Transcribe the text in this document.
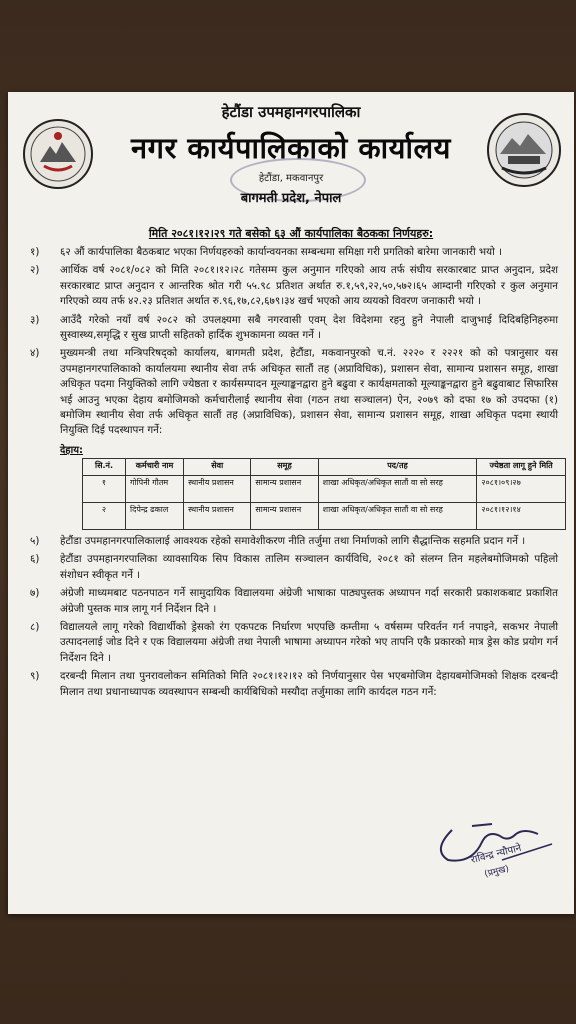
हेटौंडा उपमहानगरपालिका
नगर कार्यपालिकाको कार्यालय
हेटौंडा, मकवानपुर
बागमती प्रदेश, नेपाल
मिति २०८१।१२।२९ गते बसेको ६३ औं कार्यपालिका बैठकका निर्णयहरु:
१)	६२ औं कार्यपालिका बैठकबाट भएका निर्णयहरुको कार्यान्वयनका सम्बन्धमा समिक्षा गरी प्रगतिको बारेमा जानकारी भयो ।
२)	आर्थिक वर्ष २०८१/०८२ को मिति २०८१।१२।२८ गतेसम्म कुल अनुमान गरिएको आय तर्फ संघीय सरकारबाट प्राप्त अनुदान, प्रदेश सरकारबाट प्राप्त अनुदान र आन्तरिक श्रोत गरी ५५.९८ प्रतिशत अर्थात रु.१,५९,२२,५०,५७२।६५ आम्दानी गरिएको र कुल अनुमान गरिएको व्यय तर्फ ४२.२३ प्रतिशत अर्थात रु.९६,१७,८२,६७९।३४ खर्च भएको आय व्ययको विवरण जनाकारी भयो ।
३)	आउँदै गरेको नयाँ वर्ष २०८२ को उपलक्ष्यमा सबै नगरवासी एवम् देश विदेशमा रहनु हुने नेपाली दाजुभाई दिदिबहिनिहरुमा सुस्वास्थ्य,समृद्धि र सुख प्राप्ती सहितको हार्दिक शुभकामना व्यक्त गर्ने ।
४)	मुख्यमन्त्री तथा मन्त्रिपरिषद्को कार्यालय, बागमती प्रदेश, हेटौंडा, मकवानपुरको च.नं. २२२० र २२२१ को को पत्रानुसार यस उपमहानगरपालिकाको कार्यालयमा स्थानीय सेवा तर्फ अधिकृत सातौं तह (अप्राविधिक), प्रशासन सेवा, सामान्य प्रशासन समूह, शाखा अधिकृत पदमा नियुक्तिको लागि ज्येष्ठता र कार्यसम्पादन मूल्याङ्कनद्वारा हुने बढुवा र कार्यक्षमताको मूल्याङ्कनद्वारा हुने बढुवाबाट सिफारिस भई आउनु भएका देहाय बमोजिमको कर्मचारीलाई स्थानीय सेवा (गठन तथा सञ्चालन) ऐन, २०७९ को दफा १७ को उपदफा (१) बमोजिम स्थानीय सेवा तर्फ अधिकृत सातौं तह (अप्राविधिक), प्रशासन सेवा, सामान्य प्रशासन समूह, शाखा अधिकृत पदमा स्थायी नियुक्ति दिई पदस्थापन गर्ने:
देहाय:
सि.नं.	कर्मचारी नाम	सेवा	समूह	पद/तह	ज्येष्ठता लागू हुने मिति
१	गोपिनी गौतम	स्थानीय प्रशासन	सामान्य प्रशासन	शाखा अधिकृत/अधिकृत सातौं वा सो सरह	२०८१।०९।२७
२	दिपेन्द्र ढकाल	स्थानीय प्रशासन	सामान्य प्रशासन	शाखा अधिकृत/अधिकृत सातौं वा सो सरह	२०८१।१२।१४
५)	हेटौंडा उपमहानगरपालिकालाई आवश्यक रहेको समावेशीकरण नीति तर्जुमा तथा निर्माणको लागि सैद्धान्तिक सहमति प्रदान गर्ने ।
६)	हेटौंडा उपमहानगरपालिका व्यावसायिक सिप विकास तालिम सञ्चालन कार्यविधि, २०८१ को संलग्न तिन महलेबमोजिमको पहिलो संशोधन स्वीकृत गर्ने ।
७)	अंग्रेजी माध्यमबाट पठनपाठन गर्ने सामुदायिक विद्यालयमा अंग्रेजी भाषाका पाठ्यपुस्तक अध्यापन गर्दा सरकारी प्रकाशकबाट प्रकाशित अंग्रेजी पुस्तक मात्र लागू गर्न निर्देशन दिने ।
८)	विद्यालयले लागू गरेको विद्यार्थीको ड्रेसको रंग एकपटक निर्धारण भएपछि कम्तीमा ५ वर्षसम्म परिवर्तन गर्न नपाइने, सकभर नेपाली उत्पादनलाई जोड दिने र एक विद्यालयमा अंग्रेजी तथा नेपाली भाषामा अध्यापन गरेको भए तापनि एकै प्रकारको मात्र ड्रेस कोड प्रयोग गर्न निर्देशन दिने ।
९)	दरबन्दी मिलान तथा पुनरावलोकन समितिको मिति २०८१।१२।१२ को निर्णयानुसार पेस भएबमोजिम देहायबमोजिमको शिक्षक दरबन्दी मिलान तथा प्रधानाध्यापक व्यवस्थापन सम्बन्धी कार्यबिधिको मस्यौदा तर्जुमाका लागि कार्यदल गठन गर्ने:
राविन्द्र न्यौपाने
(प्रमुख)
